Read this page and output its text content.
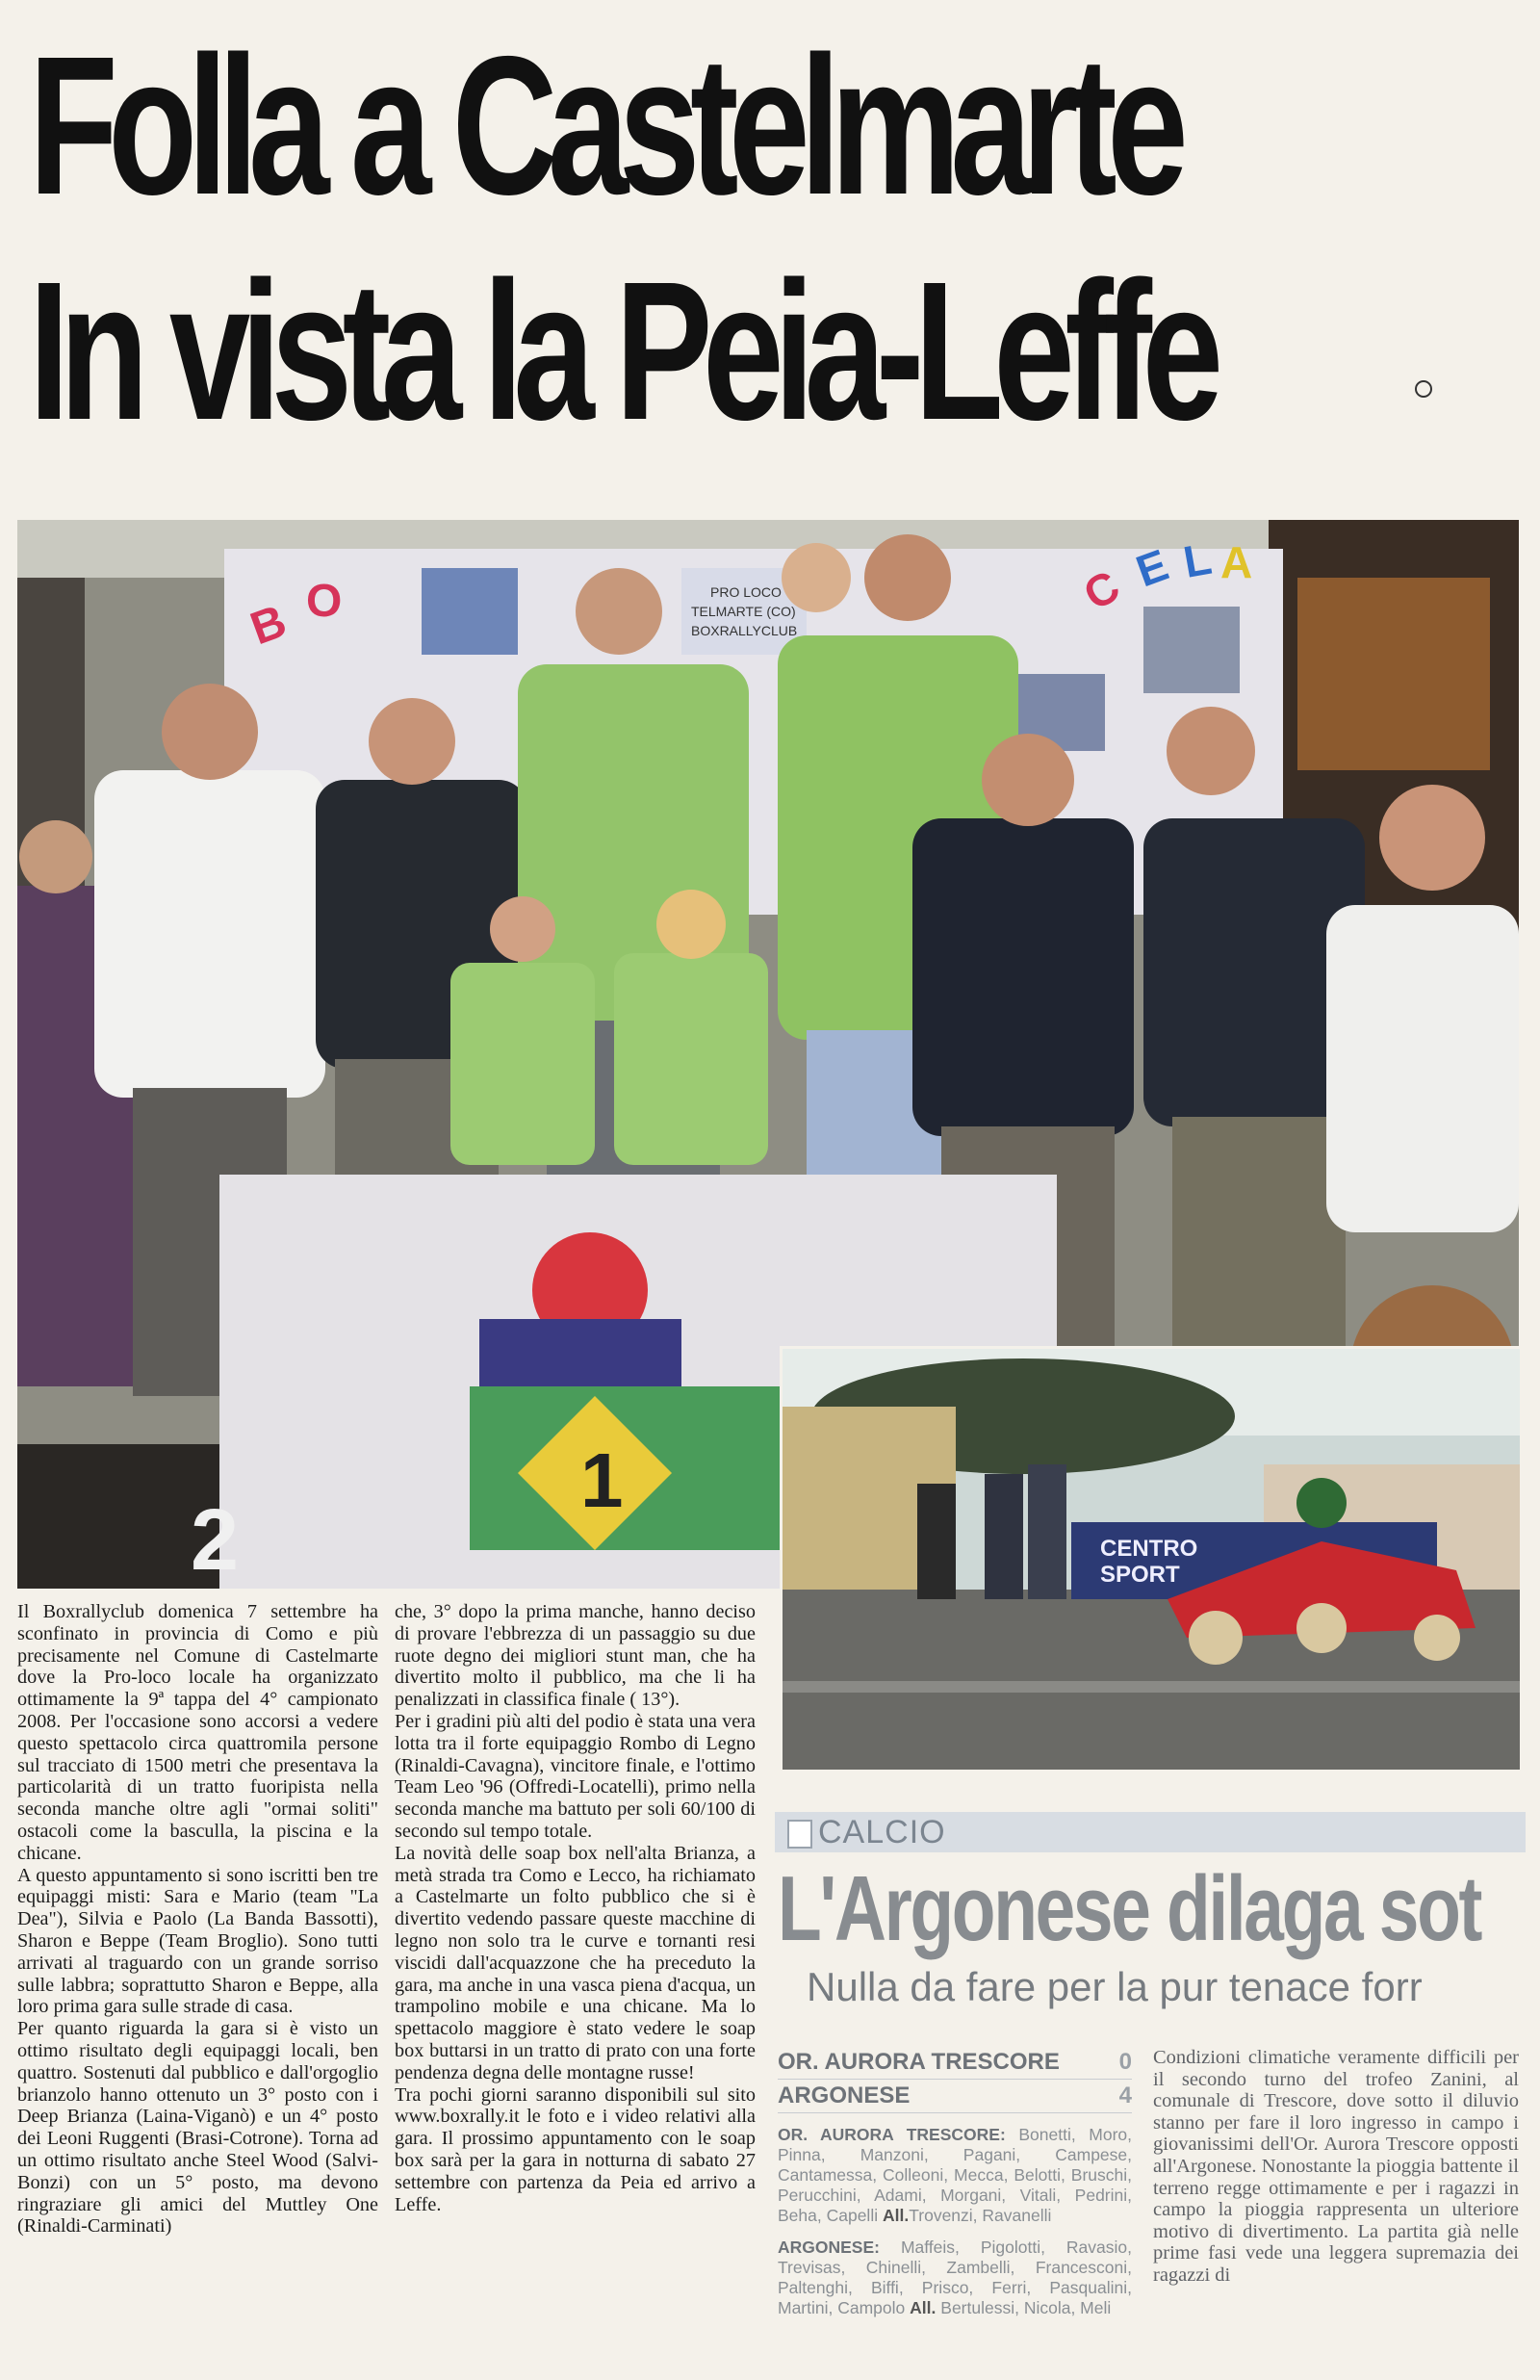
Folla a Castelmarte
In vista la Peia-Leffe
PRO LOCO
TELMARTE (CO)
BOXRALLYCLUB
B O	C E L A
1
2	CENTRO
SPORT

Il Boxrallyclub domenica 7 settembre ha sconfinato in provincia di Como e più precisamente nel Comune di Castelmarte dove la Pro-loco locale ha organizzato ottimamente la 9ª tappa del 4° campionato 2008. Per l'occasione sono accorsi a vedere questo spettacolo circa quattromila persone sul tracciato di 1500 metri che presentava la particolarità di un tratto fuoripista nella seconda manche oltre agli "ormai soliti" ostacoli come la basculla, la piscina e la chicane.

A questo appuntamento si sono iscritti ben tre equipaggi misti: Sara e Mario (team "La Dea"), Silvia e Paolo (La Banda Bassotti), Sharon e Beppe (Team Broglio). Sono tutti arrivati al traguardo con un grande sorriso sulle labbra; soprattutto Sharon e Beppe, alla loro prima gara sulle strade di casa.

Per quanto riguarda la gara si è visto un ottimo risultato degli equipaggi locali, ben quattro. Sostenuti dal pubblico e dall'orgoglio brianzolo hanno ottenuto un 3° posto con i Deep Brianza (Laina-Viganò) e un 4° posto dei Leoni Ruggenti (Brasi-Cotrone). Torna ad un ottimo risultato anche Steel Wood (Salvi-Bonzi) con un 5° posto, ma devono ringraziare gli amici del Muttley One (Rinaldi-Carminati)

che, 3° dopo la prima manche, hanno deciso di provare l'ebbrezza di un passaggio su due ruote degno dei migliori stunt man, che ha divertito molto il pubblico, ma che li ha penalizzati in classifica finale ( 13°).

Per i gradini più alti del podio è stata una vera lotta tra il forte equipaggio Rombo di Legno (Rinaldi-Cavagna), vincitore finale, e l'ottimo Team Leo '96 (Offredi-Locatelli), primo nella seconda manche ma battuto per soli 60/100 di secondo sul tempo totale.

La novità delle soap box nell'alta Brianza, a metà strada tra Como e Lecco, ha richiamato a Castelmarte un folto pubblico che si è divertito vedendo passare queste macchine di legno non solo tra le curve e tornanti resi viscidi dall'acquazzone che ha preceduto la gara, ma anche in una vasca piena d'acqua, un trampolino mobile e una chicane. Ma lo spettacolo maggiore è stato vedere le soap box buttarsi in un tratto di prato con una forte pendenza degna delle montagne russe!

Tra pochi giorni saranno disponibili sul sito www.boxrally.it le foto e i video relativi alla gara. Il prossimo appuntamento con le soap box sarà per la gara in notturna di sabato 27 settembre con partenza da Peia ed arrivo a Leffe.

CALCIO
L'Argonese dilaga sot
Nulla da fare per la pur tenace forr
OR. AURORA TRESCORE	0
ARGONESE	4
OR. AURORA TRESCORE: Bonetti, Moro, Pinna, Manzoni, Pagani, Campese, Cantamessa, Colleoni, Mecca, Belotti, Bruschi, Perucchini, Adami, Morgani, Vitali, Pedrini, Beha, Capelli All.Trovenzi, Ravanelli
ARGONESE: Maffeis, Pigolotti, Ravasio, Trevisas, Chinelli, Zambelli, Francesconi, Paltenghi, Biffi, Prisco, Ferri, Pasqualini, Martini, Campolo All. Bertulessi, Nicola, Meli
Condizioni climatiche veramente difficili per il secondo turno del trofeo Zanini, al comunale di Trescore, dove sotto il diluvio stanno per fare il loro ingresso in campo i giovanissimi dell'Or. Aurora Trescore opposti all'Argonese. Nonostante la pioggia battente il terreno regge ottimamente e per i ragazzi in campo la pioggia rappresenta un ulteriore motivo di divertimento. La partita già nelle prime fasi vede una leggera supremazia dei ragazzi di
